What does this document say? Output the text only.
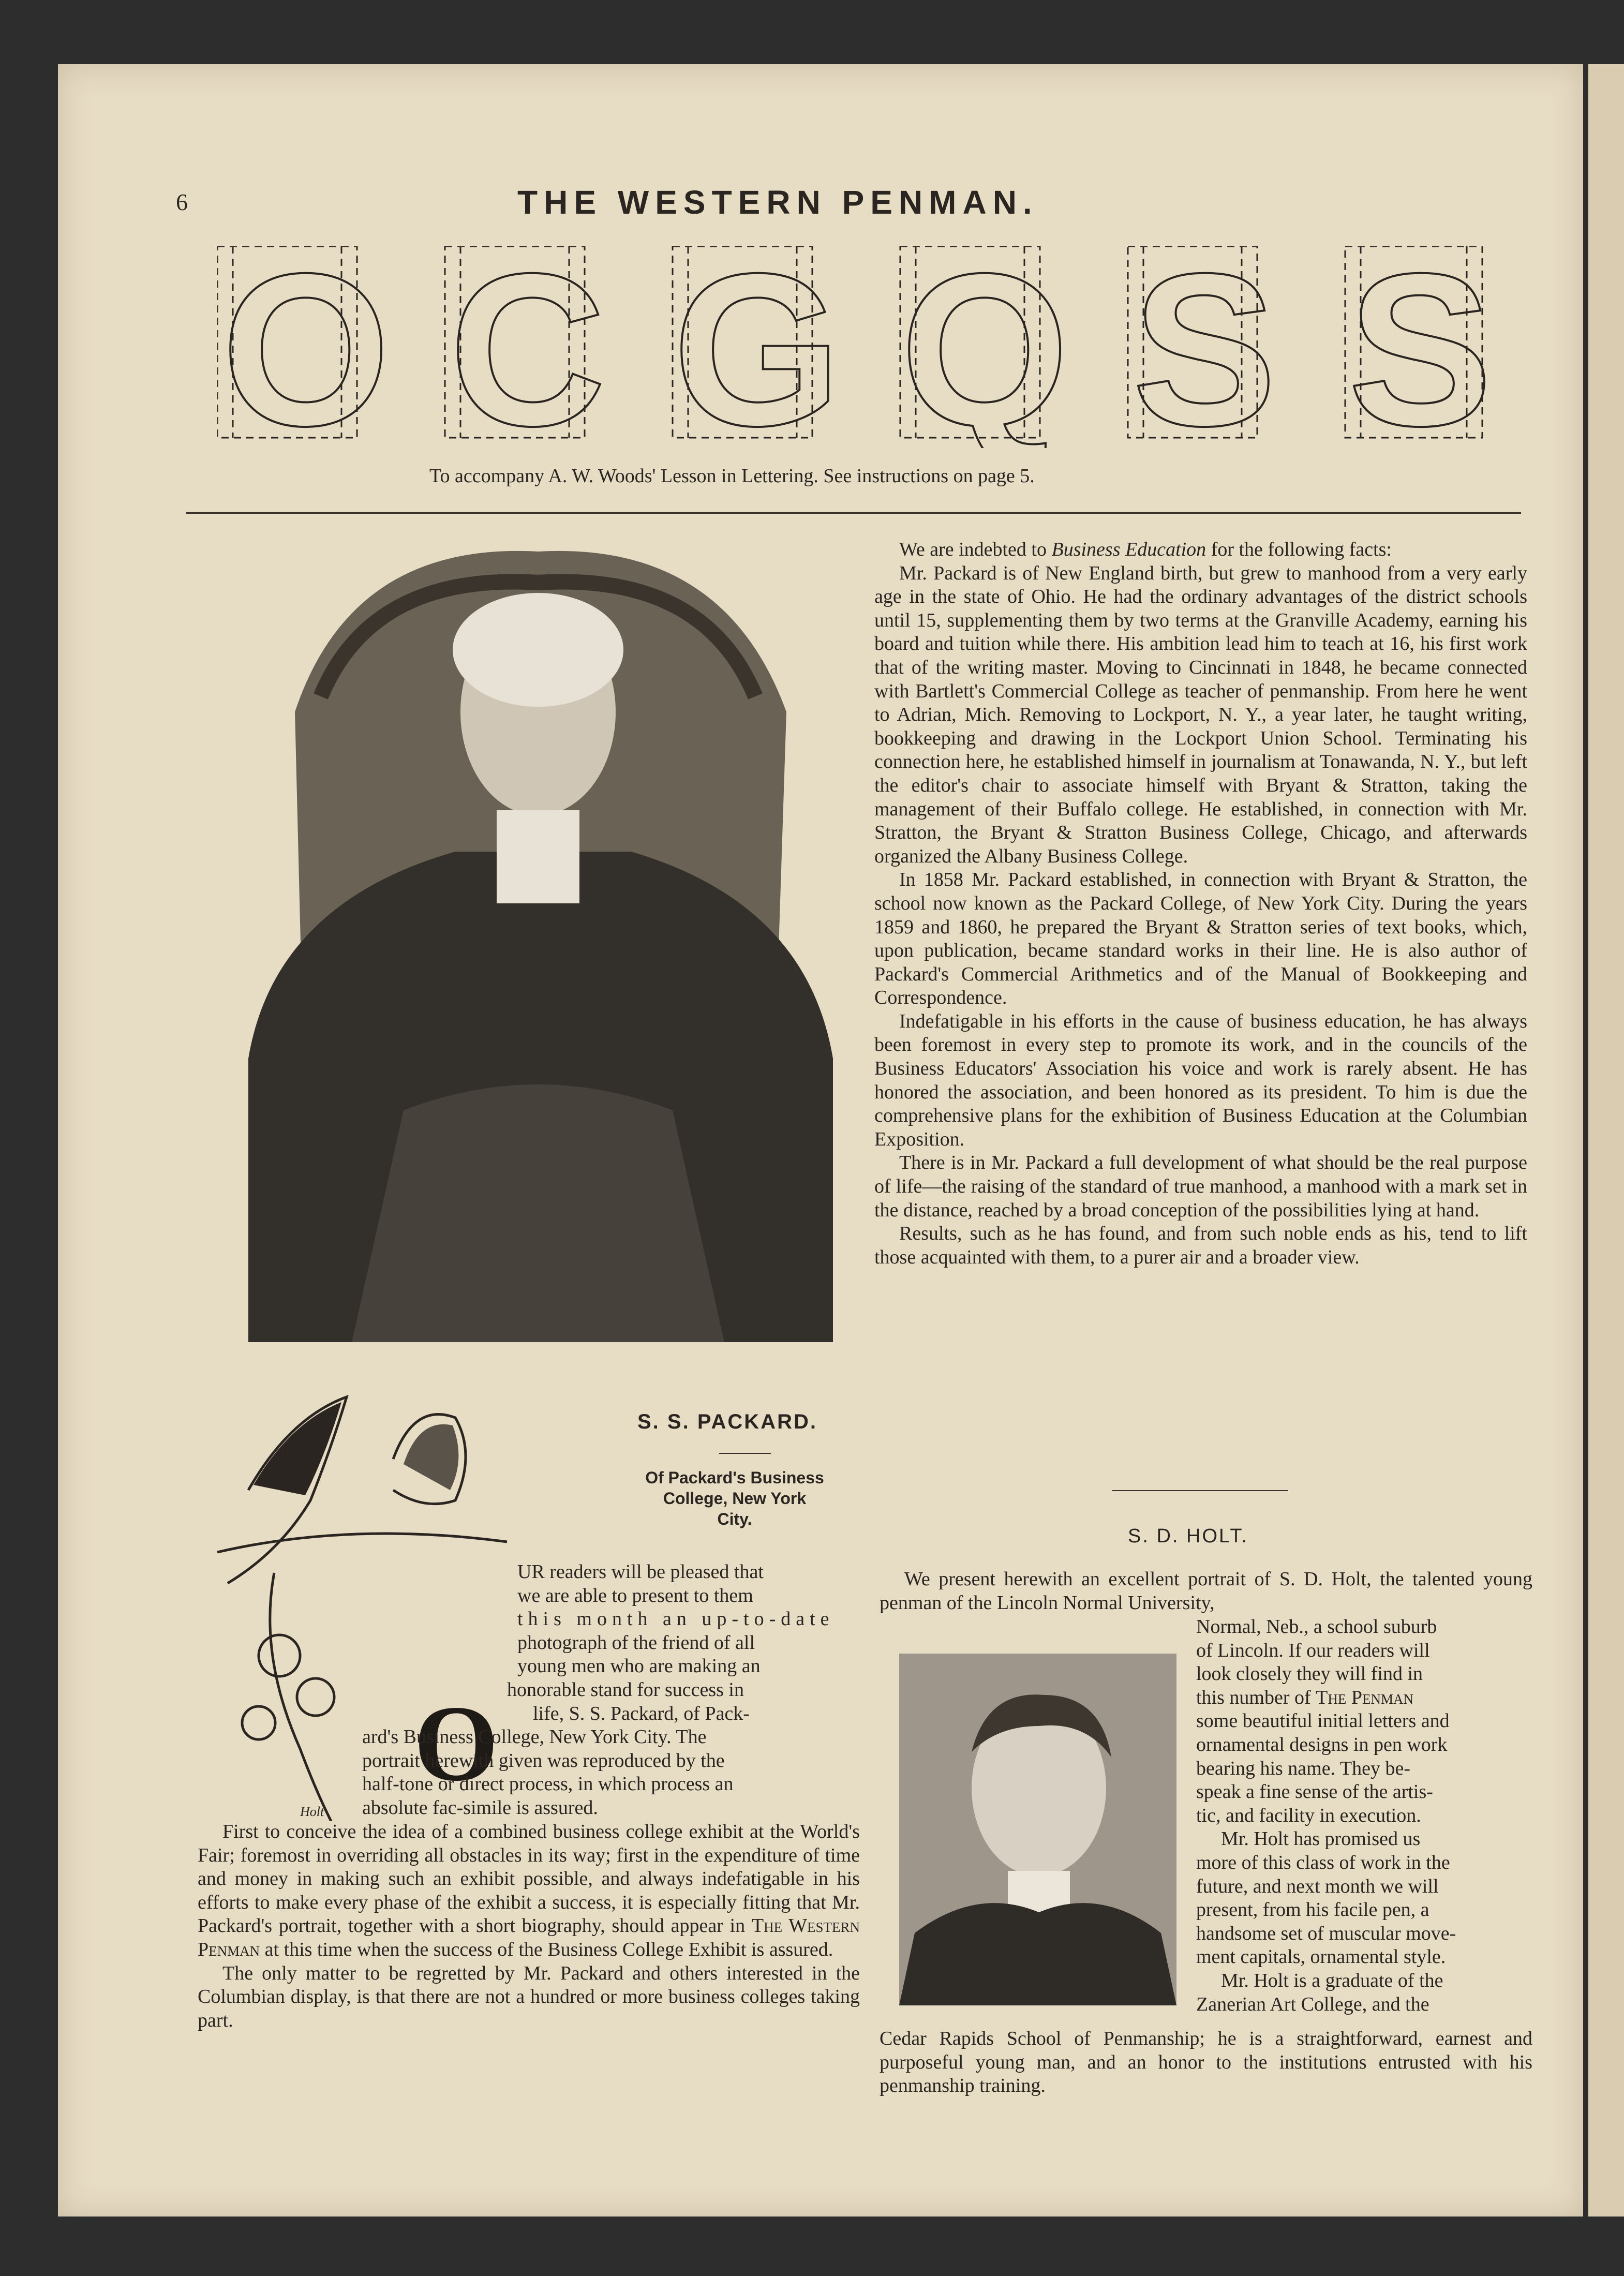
6	THE WESTERN PENMAN.
O C G Q S S
To accompany A. W. Woods' Lesson in Lettering. See instructions on page 5.
O
Holt
S. S. PACKARD.
Of Packard's Business
College, New York
City.
UR readers will be pleased that
we are able to present to them
this month an up-to-date
photograph of the friend of all
young men who are making an
honorable stand for success in
life, S. S. Packard, of Pack-
ard's Business College, New York City. The
portrait herewith given was reproduced by the
half-tone or direct process, in which process an
absolute fac-simile is assured.

First to conceive the idea of a combined business college exhibit at the World's Fair; foremost in overriding all obstacles in its way; first in the expenditure of time and money in making such an exhibit possible, and always indefatigable in his efforts to make every phase of the exhibit a success, it is especially fitting that Mr. Packard's portrait, together with a short biography, should appear in The Western Penman at this time when the success of the Business College Exhibit is assured.

The only matter to be regretted by Mr. Packard and others interested in the Columbian display, is that there are not a hundred or more business colleges taking part.

We are indebted to Business Education for the following facts:

Mr. Packard is of New England birth, but grew to manhood from a very early age in the state of Ohio. He had the ordinary advantages of the district schools until 15, supplementing them by two terms at the Granville Academy, earning his board and tuition while there. His ambition lead him to teach at 16, his first work that of the writing master. Moving to Cincinnati in 1848, he became connected with Bartlett's Commercial College as teacher of penmanship. From here he went to Adrian, Mich. Removing to Lockport, N. Y., a year later, he taught writing, bookkeeping and drawing in the Lockport Union School. Terminating his connection here, he established himself in journalism at Tonawanda, N. Y., but left the editor's chair to associate himself with Bryant & Stratton, taking the management of their Buffalo college. He established, in connection with Mr. Stratton, the Bryant & Stratton Business College, Chicago, and afterwards organized the Albany Business College.

In 1858 Mr. Packard established, in connection with Bryant & Stratton, the school now known as the Packard College, of New York City. During the years 1859 and 1860, he prepared the Bryant & Stratton series of text books, which, upon publication, became standard works in their line. He is also author of Packard's Commercial Arithmetics and of the Manual of Bookkeeping and Correspondence.

Indefatigable in his efforts in the cause of business education, he has always been foremost in every step to promote its work, and in the councils of the Business Educators' Association his voice and work is rarely absent. He has honored the association, and been honored as its president. To him is due the comprehensive plans for the exhibition of Business Education at the Columbian Exposition.

There is in Mr. Packard a full development of what should be the real purpose of life—the raising of the standard of true manhood, a manhood with a mark set in the distance, reached by a broad conception of the possibilities lying at hand.

Results, such as he has found, and from such noble ends as his, tend to lift those acquainted with them, to a purer air and a broader view.

S. D. HOLT.

We present herewith an excellent portrait of S. D. Holt, the talented young penman of the Lincoln Normal University,

Normal, Neb., a school suburb
of Lincoln. If our readers will
look closely they will find in
this number of The Penman
some beautiful initial letters and
ornamental designs in pen work
bearing his name. They be-
speak a fine sense of the artis-
tic, and facility in execution.
Mr. Holt has promised us
more of this class of work in the
future, and next month we will
present, from his facile pen, a
handsome set of muscular move-
ment capitals, ornamental style.
Mr. Holt is a graduate of the
Zanerian Art College, and the
Cedar Rapids School of Penmanship; he is a straightforward, earnest and purposeful young man, and an honor to the institutions entrusted with his penmanship training.
